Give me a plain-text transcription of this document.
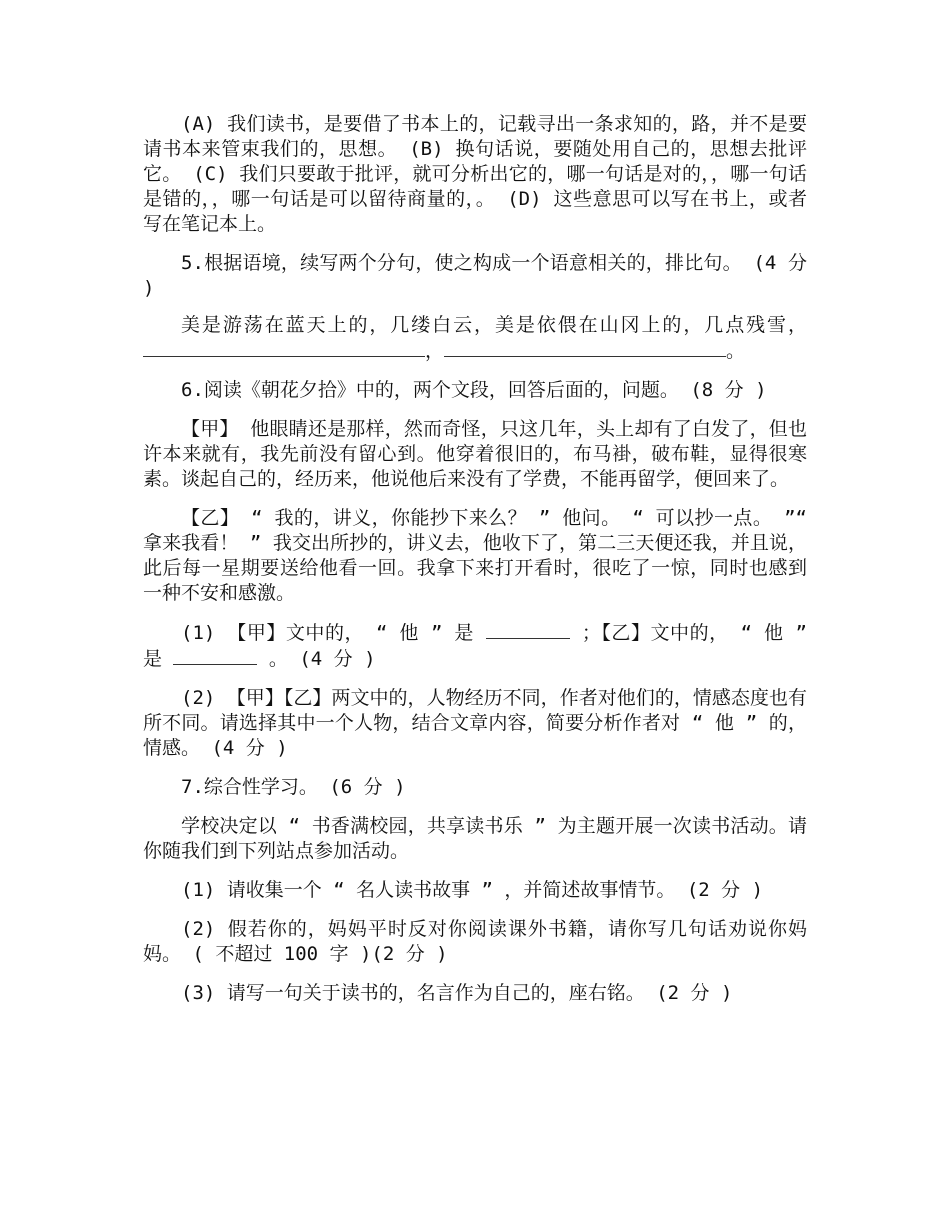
(A) 我们读书，是要借了书本上的，记载寻出一条求知的，路，并不是要请书本来管束我们的，思想。 (B) 换句话说，要随处用自己的，思想去批评它。 (C) 我们只要敢于批评，就可分析出它的，哪一句话是对的，，哪一句话是错的，，哪一句话是可以留待商量的，。 (D) 这些意思可以写在书上，或者写在笔记本上。

5.根据语境，续写两个分句，使之构成一个语意相关的，排比句。 (4 分 )

美是游荡在蓝天上的，几缕白云，美是依偎在山冈上的，几点残雪，，	。

6.阅读《朝花夕拾》中的，两个文段，回答后面的，问题。 (8 分 )

【甲】 他眼睛还是那样，然而奇怪，只这几年，头上却有了白发了，但也许本来就有，我先前没有留心到。他穿着很旧的，布马褂，破布鞋，显得很寒素。谈起自己的，经历来，他说他后来没有了学费，不能再留学，便回来了。

【乙】 “ 我的，讲义，你能抄下来么？ ” 他问。 “ 可以抄一点。 ”“ 拿来我看！ ” 我交出所抄的，讲义去，他收下了，第二三天便还我，并且说，此后每一星期要送给他看一回。我拿下来打开看时，很吃了一惊，同时也感到一种不安和感激。

(1) 【甲】文中的， “ 他 ” 是	；【乙】文中的， “ 他 ” 是	。 (4 分 )

(2) 【甲】【乙】两文中的，人物经历不同，作者对他们的，情感态度也有所不同。请选择其中一个人物，结合文章内容，简要分析作者对 “ 他 ” 的，情感。 (4 分 )

7.综合性学习。 (6 分 )

学校决定以 “ 书香满校园，共享读书乐 ” 为主题开展一次读书活动。请你随我们到下列站点参加活动。

(1) 请收集一个 “ 名人读书故事 ” ，并简述故事情节。 (2 分 )

(2) 假若你的，妈妈平时反对你阅读课外书籍，请你写几句话劝说你妈妈。 ( 不超过 100 字 )(2 分 )

(3) 请写一句关于读书的，名言作为自己的，座右铭。 (2 分 )
